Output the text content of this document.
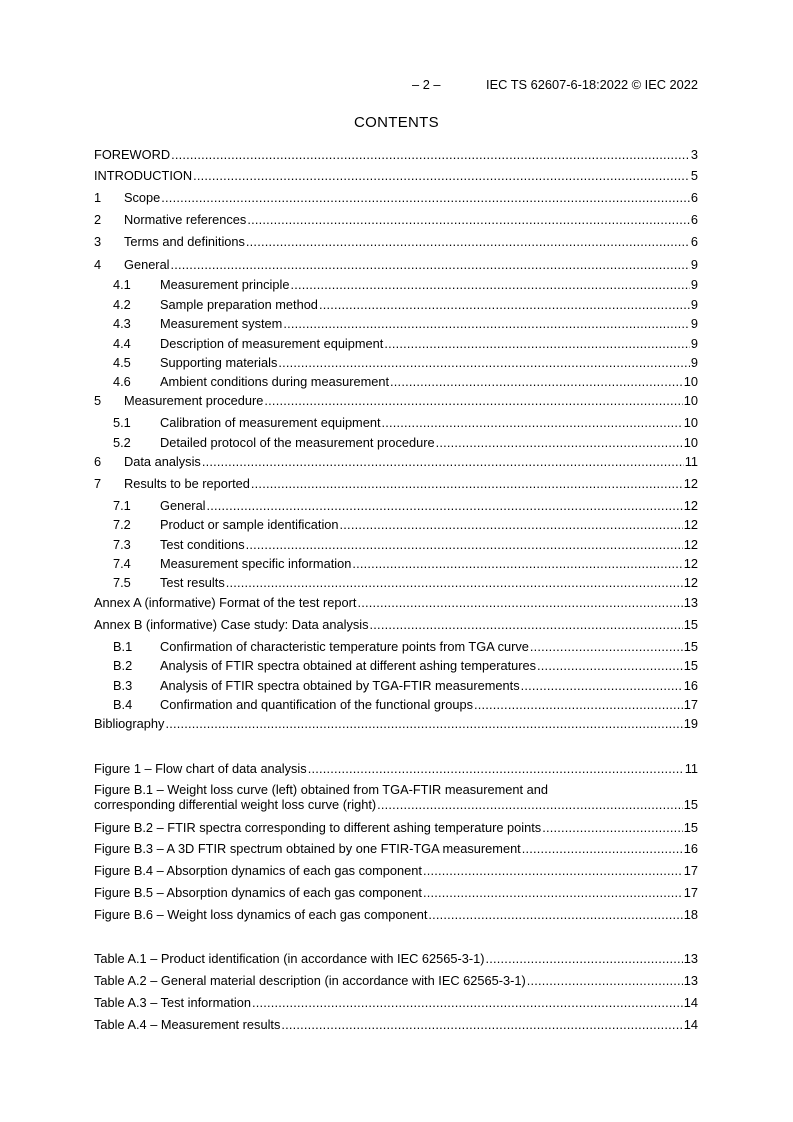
– 2 –	IEC TS 62607-6-18:2022 © IEC 2022
CONTENTS
FOREWORD .....	3
INTRODUCTION .....	5
1	Scope .....	6
2	Normative references .....	6
3	Terms and definitions .....	6
4	General .....	9
4.1	Measurement principle .....	9
4.2	Sample preparation method .....	9
4.3	Measurement system .....	9
4.4	Description of measurement equipment .....	9
4.5	Supporting materials .....	9
4.6	Ambient conditions during measurement .....	10
5	Measurement procedure .....	10
5.1	Calibration of measurement equipment .....	10
5.2	Detailed protocol of the measurement procedure .....	10
6	Data analysis .....	11
7	Results to be reported .....	12
7.1	General .....	12
7.2	Product or sample identification .....	12
7.3	Test conditions .....	12
7.4	Measurement specific information .....	12
7.5	Test results .....	12
Annex A (informative) Format of the test report .....	13
Annex B (informative) Case study: Data analysis .....	15
B.1	Confirmation of characteristic temperature points from TGA curve .....	15
B.2	Analysis of FTIR spectra obtained at different ashing temperatures .....	15
B.3	Analysis of FTIR spectra obtained by TGA-FTIR measurements .....	16
B.4	Confirmation and quantification of the functional groups .....	17
Bibliography .....	19
Figure 1 – Flow chart of data analysis .....	11
Figure B.1 – Weight loss curve (left) obtained from TGA-FTIR measurement and
corresponding differential weight loss curve (right) .....	15
Figure B.2 – FTIR spectra corresponding to different ashing temperature points .....	15
Figure B.3 – A 3D FTIR spectrum obtained by one FTIR-TGA measurement .....	16
Figure B.4 – Absorption dynamics of each gas component .....	17
Figure B.5 – Absorption dynamics of each gas component .....	17
Figure B.6 – Weight loss dynamics of each gas component .....	18
Table A.1 – Product identification (in accordance with IEC 62565-3-1) .....	13
Table A.2 – General material description (in accordance with IEC 62565-3-1) .....	13
Table A.3 – Test information .....	14
Table A.4 – Measurement results .....	14
